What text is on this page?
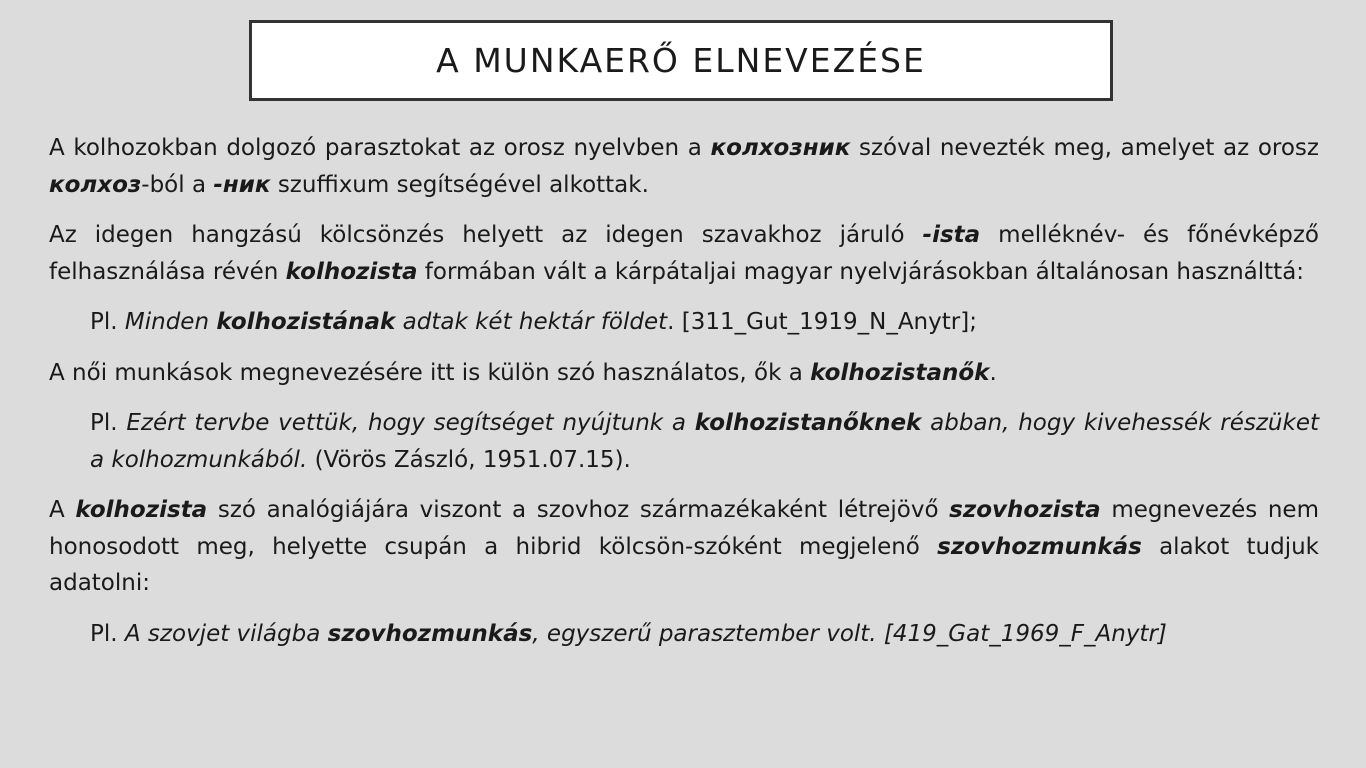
A MUNKAERŐ ELNEVEZÉSE

A kolhozokban dolgozó parasztokat az orosz nyelvben a колхозник szóval nevezték meg, amelyet az orosz колхоз-ból a -ник szuffixum segítségével alkottak.

Az idegen hangzású kölcsönzés helyett az idegen szavakhoz járuló -ista melléknév- és főnévképző felhasználása révén kolhozista formában vált a kárpátaljai magyar nyelvjárásokban általánosan használttá:

Pl. Minden kolhozistának adtak két hektár földet. [311_Gut_1919_N_Anytr];

A női munkások megnevezésére itt is külön szó használatos, ők a kolhozistanők.

Pl. Ezért tervbe vettük, hogy segítséget nyújtunk a kolhozistanőknek abban, hogy kivehessék részüket a kolhozmunkából. (Vörös Zászló, 1951.07.15).

A kolhozista szó analógiájára viszont a szovhoz származékaként létrejövő szovhozista megnevezés nem honosodott meg, helyette csupán a hibrid kölcsön-szóként megjelenő szovhozmunkás alakot tudjuk adatolni:

Pl. A szovjet világba szovhozmunkás, egyszerű parasztember volt. [419_Gat_1969_F_Anytr]
